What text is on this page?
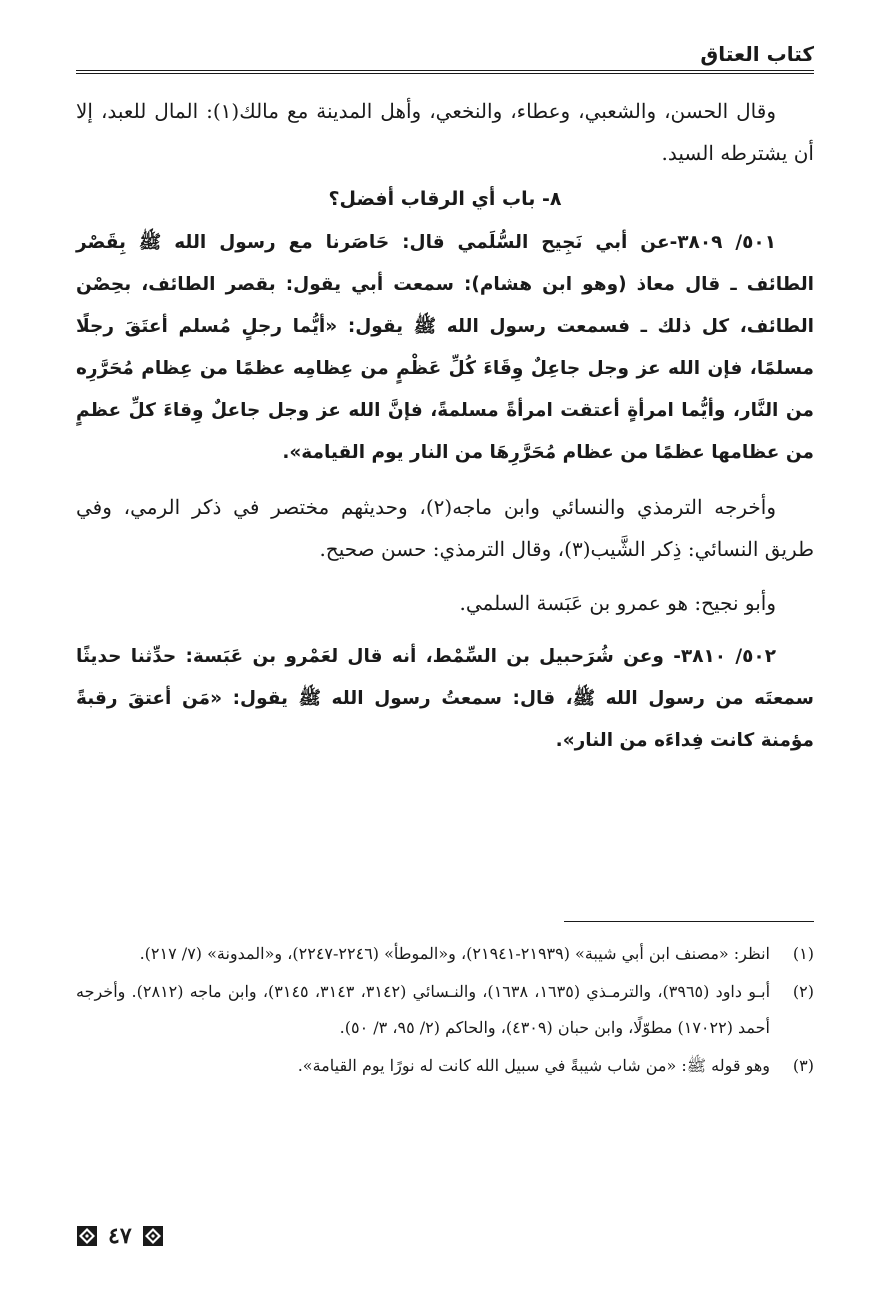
كتاب العتاق

وقال الحسن، والشعبي، وعطاء، والنخعي، وأهل المدينة مع مالك(١): المال للعبد، إلا أن يشترطه السيد.

٨- باب أي الرقاب أفضل؟

٥٠١/ ٣٨٠٩-عن أبي نَجِيح السُّلَمي قال: حَاصَرنا مع رسول الله ﷺ بِقَصْر الطائف ـ قال معاذ (وهو ابن هشام): سمعت أبي يقول: بقصر الطائف، بحِصْن الطائف، كل ذلك ـ فسمعت رسول الله ﷺ يقول: «أيُّما رجلٍ مُسلم أعتَقَ رجلًا مسلمًا، فإن الله عز وجل جاعِلٌ وِقَاءَ كُلِّ عَظْمٍ من عِظامِه عظمًا من عِظام مُحَرَّرِه من النَّار، وأيُّما امرأةٍ أعتقت امرأةً مسلمةً، فإنَّ الله عز وجل جاعلٌ وِقاءَ كلِّ عظمٍ من عظامها عظمًا من عظام مُحَرَّرِهَا من النار يوم القيامة».

وأخرجه الترمذي والنسائي وابن ماجه(٢)، وحديثهم مختصر في ذكر الرمي، وفي طريق النسائي: ذِكر الشَّيب(٣)، وقال الترمذي: حسن صحيح.

وأبو نجيح: هو عمرو بن عَبَسة السلمي.

٥٠٢/ ٣٨١٠- وعن شُرَحبيل بن السِّمْط، أنه قال لعَمْرو بن عَبَسة: حدِّثنا حديثًا سمعتَه من رسول الله ﷺ، قال: سمعتُ رسول الله ﷺ يقول: «مَن أعتقَ رقبةً مؤمنة كانت فِداءَه من النار».

(١)
انظر: «مصنف ابن أبي شيبة» (٢١٩٣٩-٢١٩٤١)، و«الموطأ» (٢٢٤٦-٢٢٤٧)، و«المدونة» (٧/ ٢١٧).
(٢)
أبـو داود (٣٩٦٥)، والترمـذي (١٦٣٥، ١٦٣٨)، والنـسائي (٣١٤٢، ٣١٤٣، ٣١٤٥)، وابن ماجه (٢٨١٢). وأخرجه أحمد (١٧٠٢٢) مطوّلًا، وابن حبان (٤٣٠٩)، والحاكم (٢/ ٩٥، ٣/ ٥٠).
(٣)
وهو قوله ﷺ: «من شاب شيبةً في سبيل الله كانت له نورًا يوم القيامة».
٤٧
